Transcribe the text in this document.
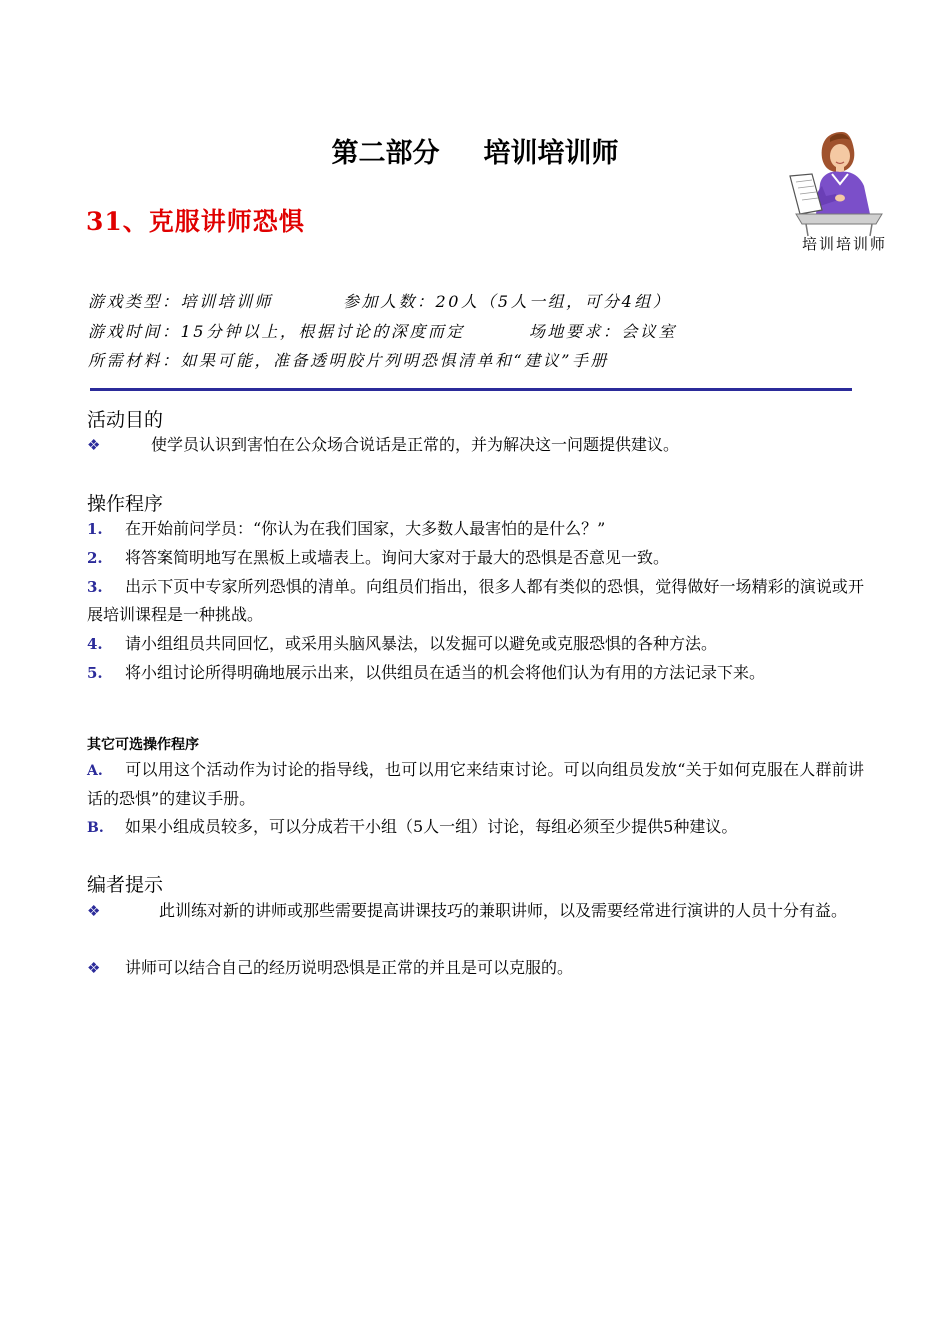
第二部分 培训培训师
31、克服讲师恐惧
培训培训师
游戏类型：培训培训师	参加人数：20人（5人一组，可分4组）
游戏时间：15分钟以上，根据讨论的深度而定	场地要求：会议室
所需材料：如果可能，准备透明胶片列明恐惧清单和“建议”手册
活动目的
❖	使学员认识到害怕在公众场合说话是正常的，并为解决这一问题提供建议。
操作程序
1. 在开始前问学员：“你认为在我们国家，大多数人最害怕的是什么？”
2. 将答案简明地写在黑板上或墙表上。询问大家对于最大的恐惧是否意见一致。
3. 出示下页中专家所列恐惧的清单。向组员们指出，很多人都有类似的恐惧，觉得做好一场精彩的演说或开展培训课程是一种挑战。
4. 请小组组员共同回忆，或采用头脑风暴法，以发掘可以避免或克服恐惧的各种方法。
5. 将小组讨论所得明确地展示出来，以供组员在适当的机会将他们认为有用的方法记录下来。
其它可选操作程序
A. 可以用这个活动作为讨论的指导线，也可以用它来结束讨论。可以向组员发放“关于如何克服在人群前讲话的恐惧”的建议手册。
B. 如果小组成员较多，可以分成若干小组（5人一组）讨论，每组必须至少提供5种建议。
编者提示
❖	此训练对新的讲师或那些需要提高讲课技巧的兼职讲师，以及需要经常进行演讲的人员十分有益。
❖ 讲师可以结合自己的经历说明恐惧是正常的并且是可以克服的。
